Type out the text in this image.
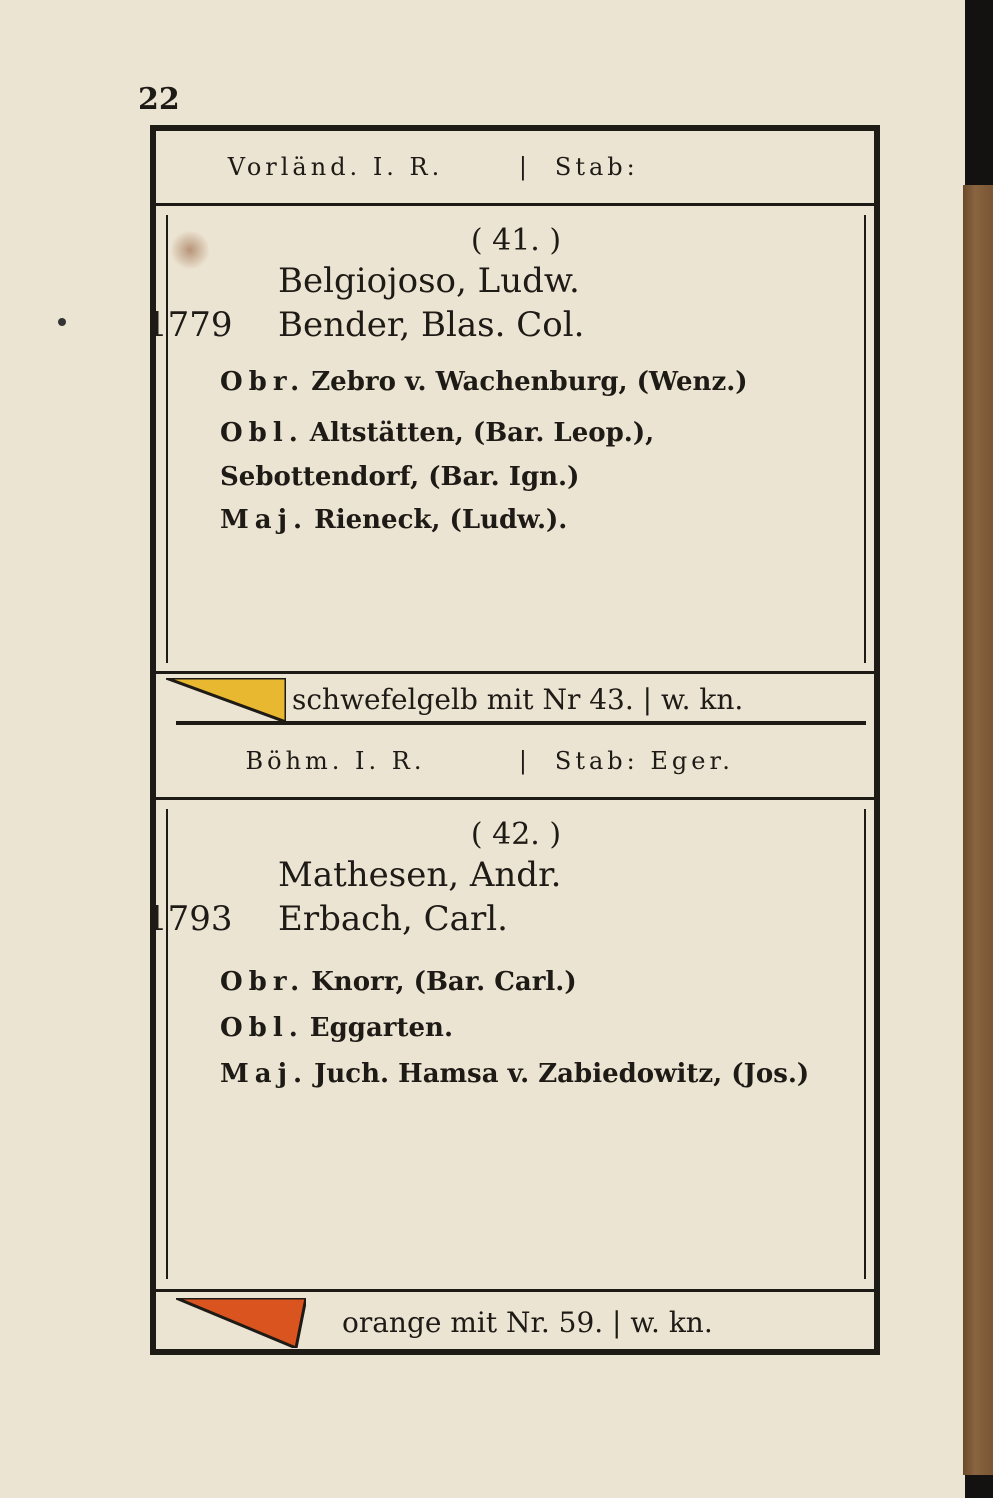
22
Vorländ. I. R.	| Stab:
( 41. )
Belgiojoso, Ludw.
1779 Bender, Blas. Col.
Obr. Zebro v. Wachenburg, (Wenz.)
Obl. Altstätten, (Bar. Leop.), Sebottendorf, (Bar. Ign.)
Maj. Rieneck, (Ludw.).
schwefelgelb mit Nr 43. | w. kn.
Böhm. I. R.	| Stab: Eger.
( 42. )
Mathesen, Andr.
1793 Erbach, Carl.
Obr. Knorr, (Bar. Carl.)
Obl. Eggarten.
Maj. Juch. Hamsa v. Zabiedowitz, (Jos.)
orange mit Nr. 59. | w. kn.
